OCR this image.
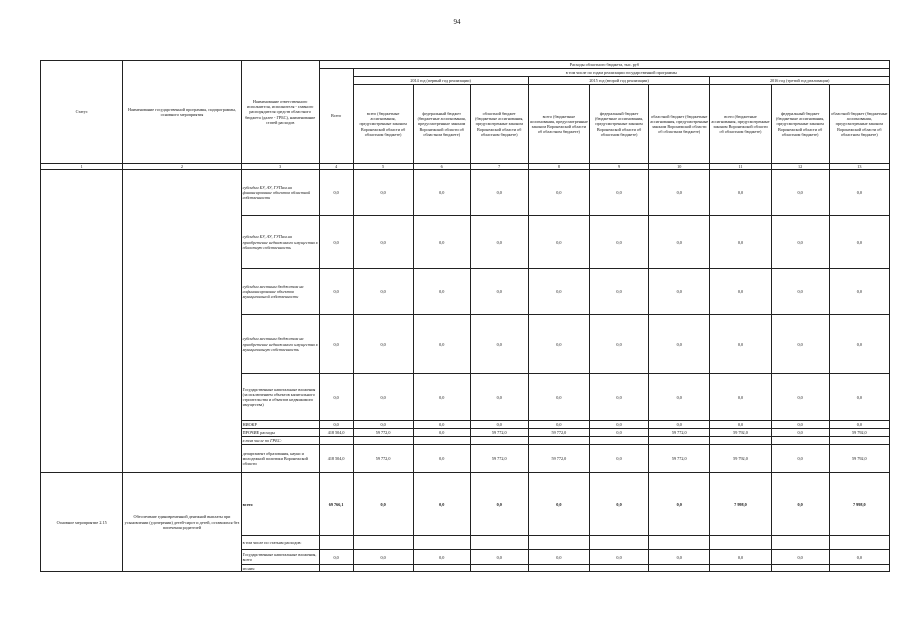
94
Статус	Наименование государственной программы, подпрограммы, основного мероприятия	Наименование ответственного исполнителя, исполнителя - главного распорядителя средств областного бюджета (далее - ГРБС), наименование статей расходов	Расходы областного бюджета, тыс. руб									
			Всего	в том числе по годам реализации государственной программы								
				2014 год (первый год реализации)			2015 год (второй год реализации)			2016 год (третий год реализации)		
				всего (бюджетные ассигнования, предусмотренные законом Воронежской области об областном бюджете)	федеральный бюджет (бюджетные ассигнования, предусмотренные законом Воронежской области об областном бюджете)	областной бюджет (бюджетные ассигнования, предусмотренные законом Воронежской области об областном бюджете)	всего (бюджетные ассигнования, предусмотренные законом Воронежской области об областном бюджете)	федеральный бюджет (бюджетные ассигнования, предусмотренные законом Воронежской области об областном бюджете)	областной бюджет (бюджетные ассигнования, предусмотренные законом Воронежской области об областном бюджете)	всего (бюджетные ассигнования, предусмотренные законом Воронежской области об областном бюджете)	федеральный бюджет (бюджетные ассигнования, предусмотренные законом Воронежской области об областном бюджете)	областной бюджет (бюджетные ассигнования, предусмотренные законом Воронежской области об областном бюджете)
1	2	3	4	5	6	7	8	9	10	11	12	13
		субсидии БУ, АУ, ГУПам на финансирование объектов областной собственности	0,0	0,0	0,0	0,0	0,0	0,0	0,0	0,0	0,0	0,0
		субсидии БУ, АУ, ГУПам на приобретение недвижимого имущества в областную собственность	0,0	0,0	0,0	0,0	0,0	0,0	0,0	0,0	0,0	0,0
		субсидии местным бюджетам на софинансирование объектов муниципальной собственности	0,0	0,0	0,0	0,0	0,0	0,0	0,0	0,0	0,0	0,0
		субсидии местным бюджетам на приобретение недвижимого имущества в муниципальную собственность	0,0	0,0	0,0	0,0	0,0	0,0	0,0	0,0	0,0	0,0
		Государственные капитальные вложения (за исключением объектов капитального строительства и объектов недвижимого имущества)	0,0	0,0	0,0	0,0	0,0	0,0	0,0	0,0	0,0	0,0
		НИОКР	0,0	0,0	0,0	0,0	0,0	0,0	0,0	0,0	0,0	0,0
		ПРОЧИЕ расходы	418 504,0	59 772,0	0,0	59 772,0	59 772,0	0,0	59 772,0	59 792,0	0,0	59 792,0
		в том числе по ГРБС:										
		департамент образования, науки и молодежной политики Воронежской области	418 504,0	59 772,0	0,0	59 772,0	59 772,0	0,0	59 772,0	59 792,0	0,0	59 792,0
Основное мероприятие 2.15	Обеспечение единовременной денежной выплаты при усыновлении (удочерении) детей-сирот и детей, оставшихся без попечения родителей	всего	69 766,1	0,0	0,0	0,0	0,0	0,0	0,0	7 998,0	0,0	7 998,0
		в том числе по статьям расходов:										
		Государственные капитальные вложения, всего	0,0	0,0	0,0	0,0	0,0	0,0	0,0	0,0	0,0	0,0
		из них:										
